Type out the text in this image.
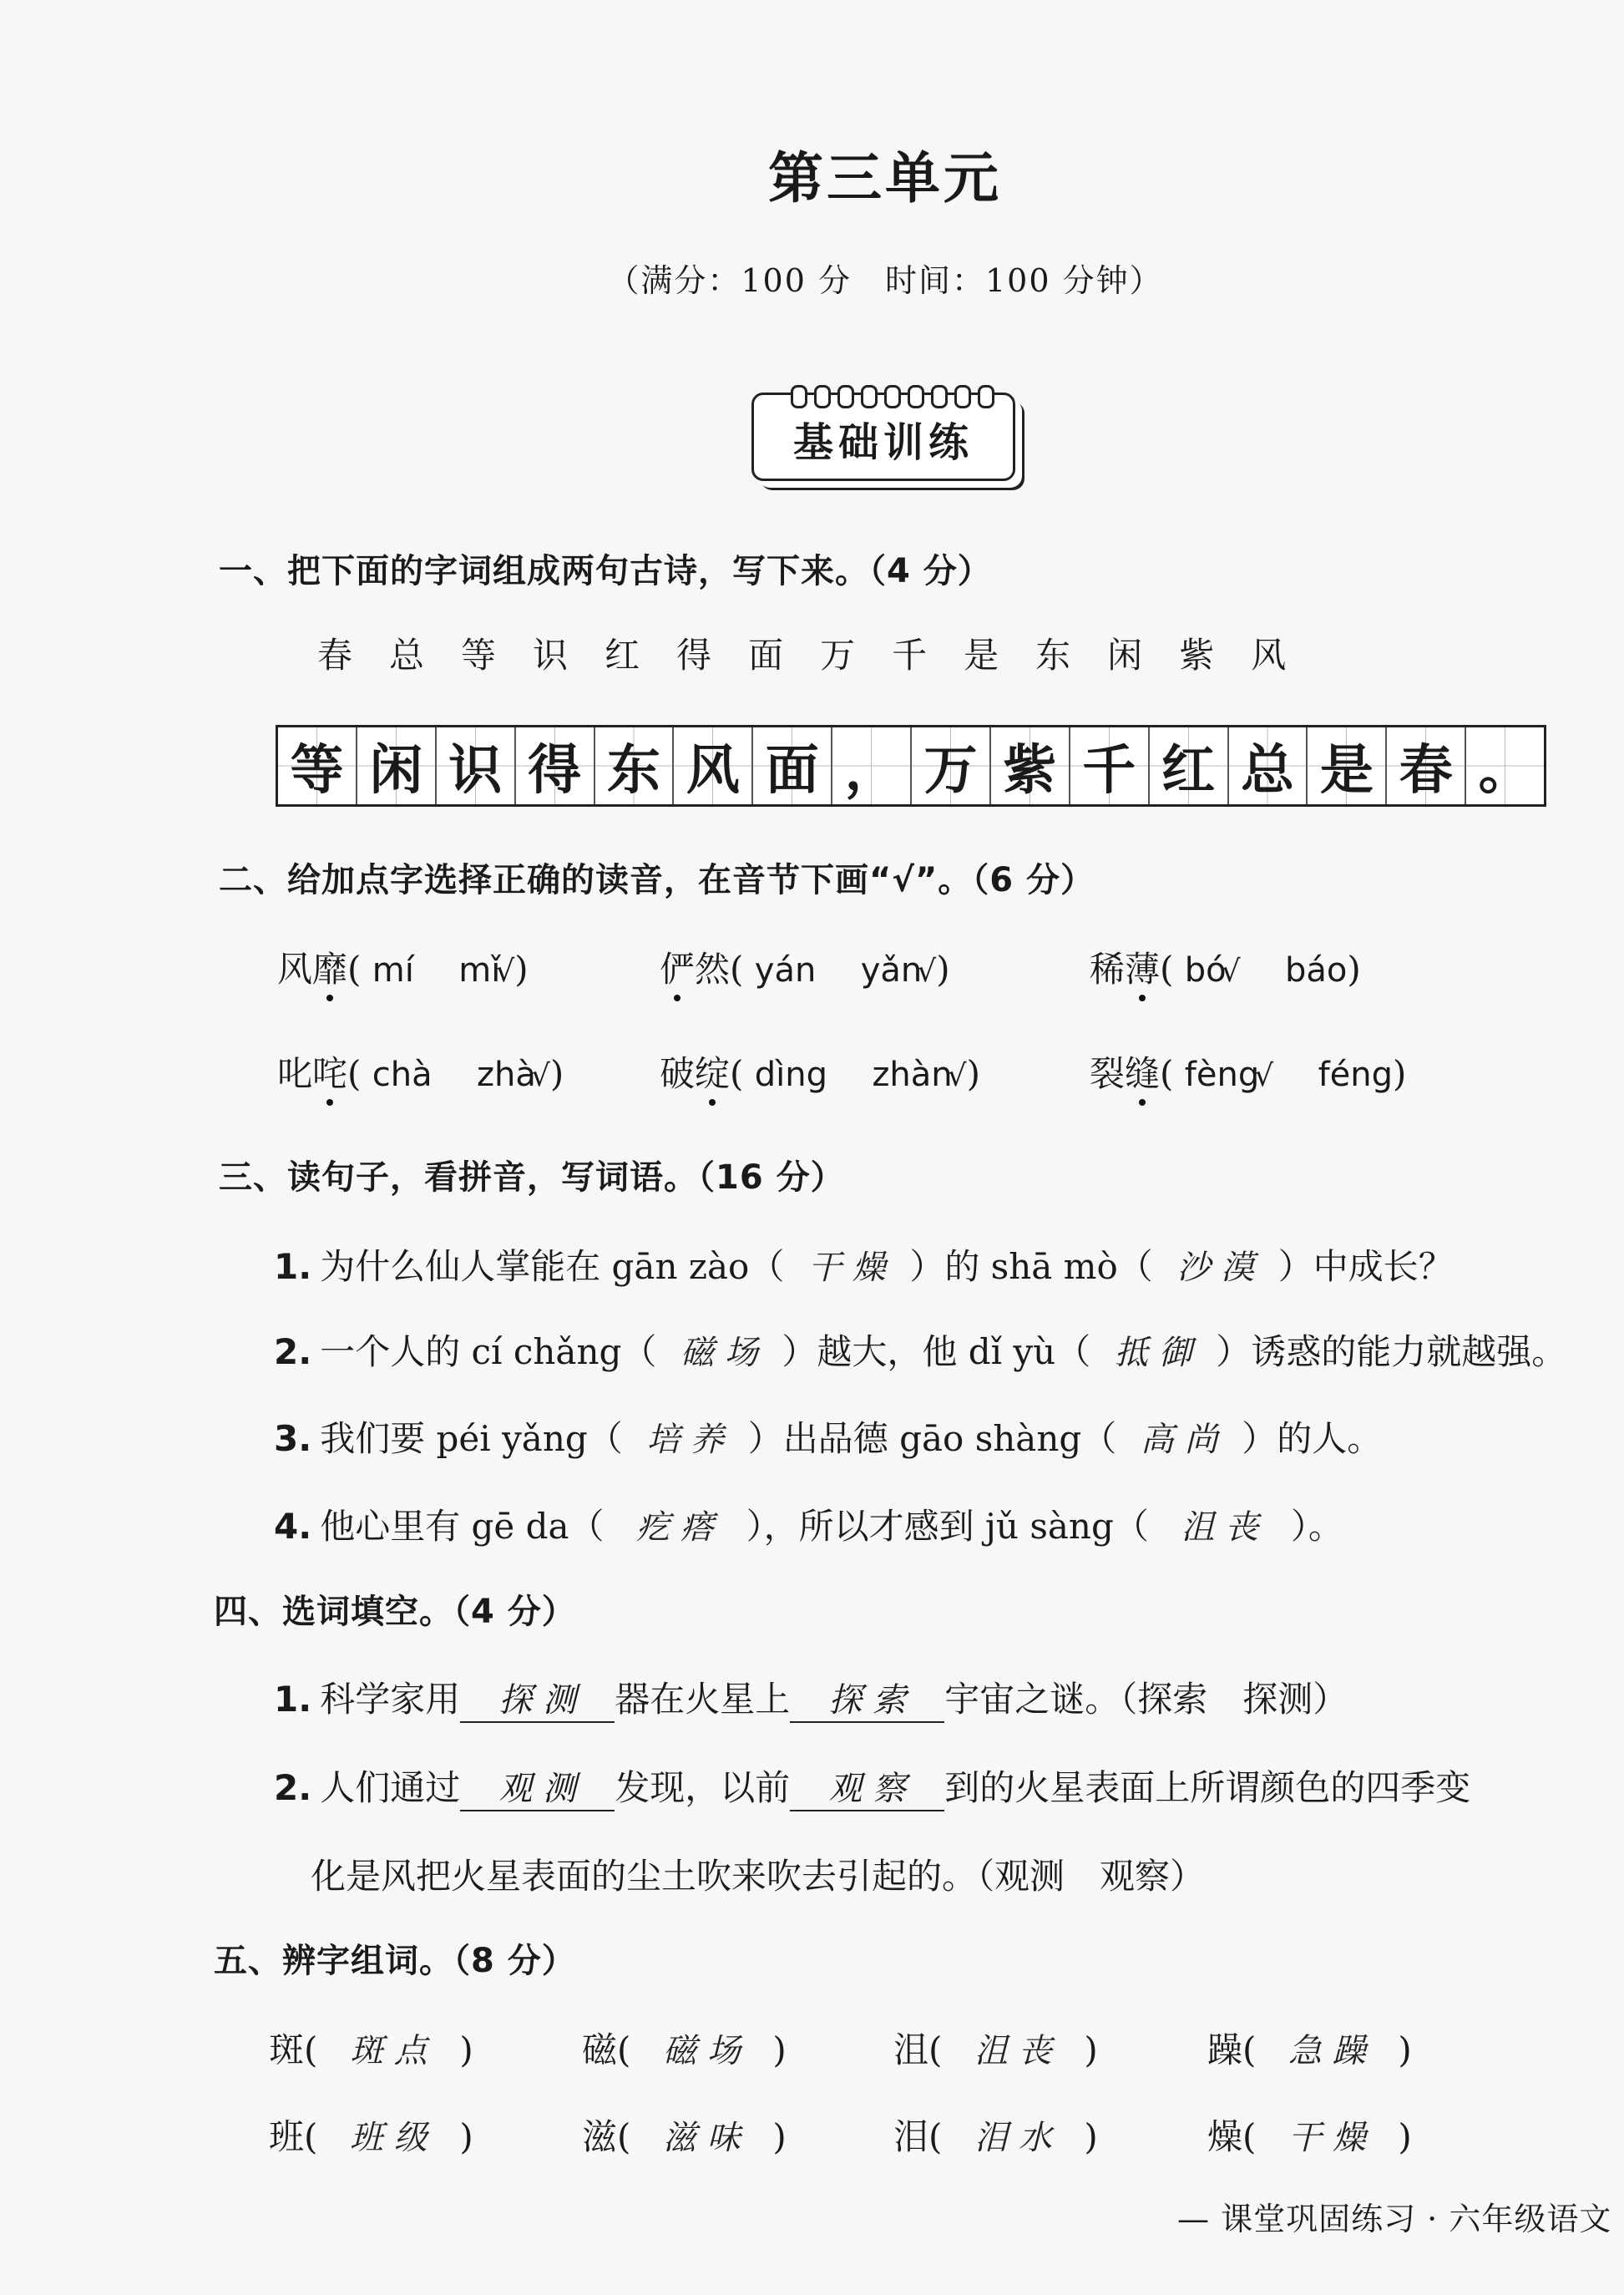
第三单元
（满分：100 分　时间：100 分钟）
基础训练
一、把下面的字词组成两句古诗，写下来。（4 分）
春 总 等 识 红 得 面 万 千 是 东 闲 紫 风
等 闲 识 得 东 风 面 ， 万 紫 千 红 总 是 春 。
二、给加点字选择正确的读音，在音节下画“√”。（6 分）
风靡( mí mǐ√)	俨然( yán yǎn√)	稀薄( bó√ báo)
叱咤( chà zhà√)	破绽( dìng zhàn√)	裂缝( fèng√ féng)
三、读句子，看拼音，写词语。（16 分）
1. 为什么仙人掌能在 gān zào（ 干 燥 ）的 shā mò（ 沙 漠 ）中成长？
2. 一个人的 cí chǎng（ 磁 场 ）越大，他 dǐ yù（ 抵 御 ）诱惑的能力就越强。
3. 我们要 péi yǎng（ 培 养 ）出品德 gāo shàng（ 高 尚 ）的人。
4. 他心里有 gē da（ 疙 瘩 ），所以才感到 jǔ sàng（ 沮 丧 ）。
四、选词填空。（4 分）
1. 科学家用 探 测 器在火星上 探 索 宇宙之谜。（探索　探测）
2. 人们通过 观 测 发现，以前 观 察 到的火星表面上所谓颜色的四季变
化是风把火星表面的尘土吹来吹去引起的。（观测　观察）
五、辨字组词。（8 分）
斑( 斑 点 )	磁( 磁 场 )	沮( 沮 丧 )	躁( 急 躁 )
班( 班 级 )	滋( 滋 味 )	泪( 泪 水 )	燥( 干 燥 )
— 课堂巩固练习 · 六年级语文
